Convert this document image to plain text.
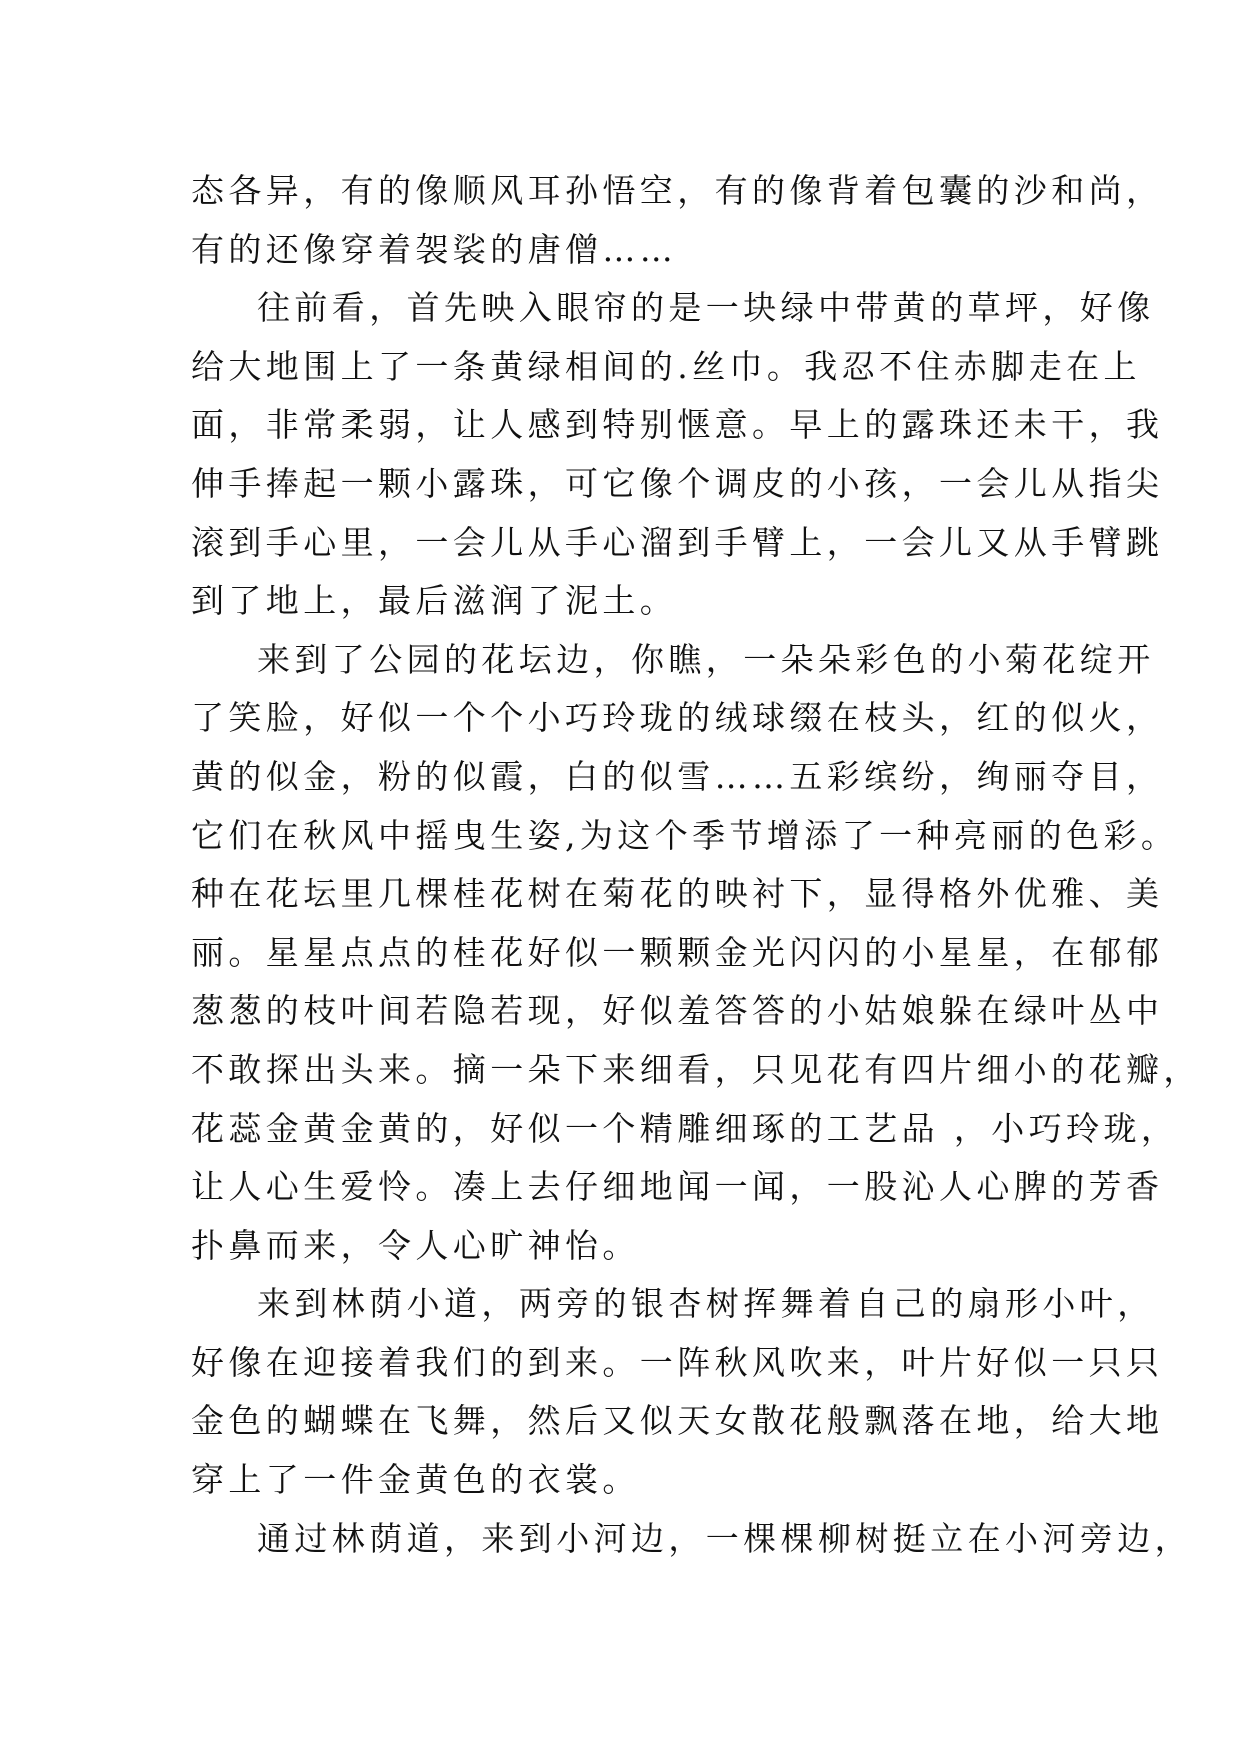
态各异，有的像顺风耳孙悟空，有的像背着包囊的沙和尚，
有的还像穿着袈裟的唐僧……
往前看，首先映入眼帘的是一块绿中带黄的草坪，好像
给大地围上了一条黄绿相间的.丝巾。我忍不住赤脚走在上
面，非常柔弱，让人感到特别惬意。早上的露珠还未干，我
伸手捧起一颗小露珠，可它像个调皮的小孩，一会儿从指尖
滚到手心里，一会儿从手心溜到手臂上，一会儿又从手臂跳
到了地上，最后滋润了泥土。
来到了公园的花坛边，你瞧，一朵朵彩色的小菊花绽开
了笑脸，好似一个个小巧玲珑的绒球缀在枝头，红的似火，
黄的似金，粉的似霞，白的似雪……五彩缤纷，绚丽夺目，
它们在秋风中摇曳生姿,为这个季节增添了一种亮丽的色彩。
种在花坛里几棵桂花树在菊花的映衬下，显得格外优雅、美
丽。星星点点的桂花好似一颗颗金光闪闪的小星星，在郁郁
葱葱的枝叶间若隐若现，好似羞答答的小姑娘躲在绿叶丛中
不敢探出头来。摘一朵下来细看，只见花有四片细小的花瓣，
花蕊金黄金黄的，好似一个精雕细琢的工艺品 ，小巧玲珑，
让人心生爱怜。凑上去仔细地闻一闻，一股沁人心脾的芳香
扑鼻而来，令人心旷神怡。
来到林荫小道，两旁的银杏树挥舞着自己的扇形小叶，
好像在迎接着我们的到来。一阵秋风吹来，叶片好似一只只
金色的蝴蝶在飞舞，然后又似天女散花般飘落在地，给大地
穿上了一件金黄色的衣裳。
通过林荫道，来到小河边，一棵棵柳树挺立在小河旁边，
